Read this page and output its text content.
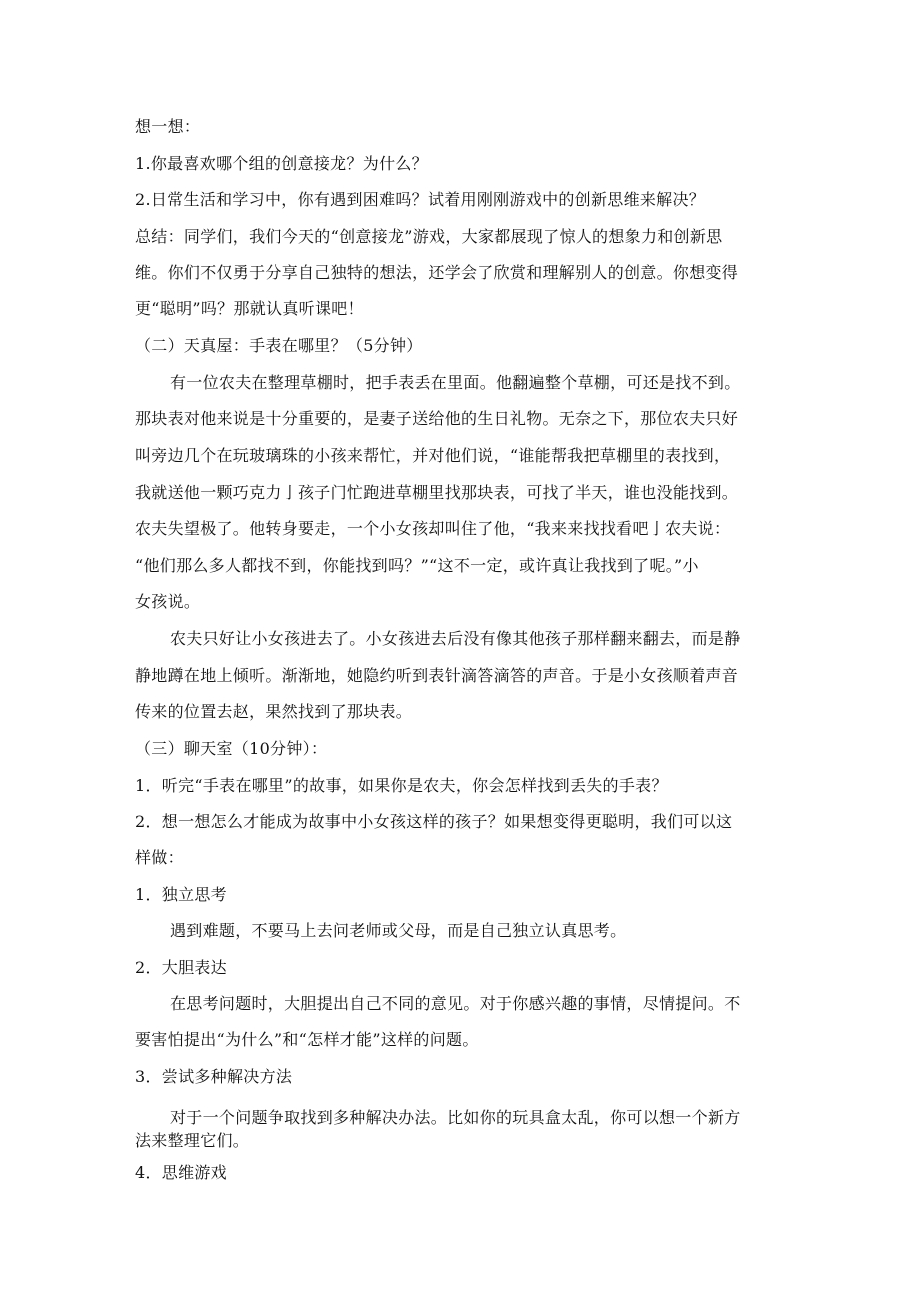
想一想：
1.你最喜欢哪个组的创意接龙？为什么？
2.日常生活和学习中，你有遇到困难吗？试着用刚刚游戏中的创新思维来解决？
总结：同学们，我们今天的“创意接龙”游戏，大家都展现了惊人的想象力和创新思
维。你们不仅勇于分享自己独特的想法，还学会了欣赏和理解别人的创意。你想变得
更“聪明”吗？那就认真听课吧！
（二）天真屋：手表在哪里？（5分钟）
有一位农夫在整理草棚时，把手表丢在里面。他翻遍整个草棚，可还是找不到。
那块表对他来说是十分重要的，是妻子送给他的生日礼物。无奈之下，那位农夫只好
叫旁边几个在玩玻璃珠的小孩来帮忙，并对他们说，“谁能帮我把草棚里的表找到，
我就送他一颗巧克力亅孩子门忙跑进草棚里找那块表，可找了半天，谁也没能找到。
农夫失望极了。他转身要走，一个小女孩却叫住了他，“我来来找找看吧亅农夫说：
“他们那么多人都找不到，你能找到吗？”“这不一定，或许真让我找到了呢。”小
女孩说。
农夫只好让小女孩进去了。小女孩进去后没有像其他孩子那样翻来翻去，而是静
静地蹲在地上倾听。渐渐地，她隐约听到表针滴答滴答的声音。于是小女孩顺着声音
传来的位置去赵，果然找到了那块表。
（三）聊天室（10分钟）：
1．听完“手表在哪里”的故事，如果你是农夫，你会怎样找到丢失的手表？
2．想一想怎么才能成为故事中小女孩这样的孩子？如果想变得更聪明，我们可以这
样做：
1．独立思考
遇到难题，不要马上去问老师或父母，而是自己独立认真思考。
2．大胆表达
在思考问题时，大胆提出自己不同的意见。对于你感兴趣的事情，尽情提问。不
要害怕提出“为什么”和“怎样才能”这样的问题。
3．尝试多种解决方法
对于一个问题争取找到多种解决办法。比如你的玩具盒太乱，你可以想一个新方
法来整理它们。
4．思维游戏
